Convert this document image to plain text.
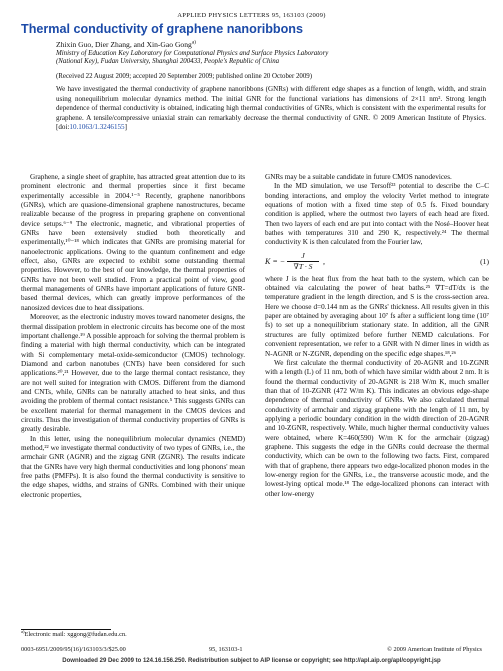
APPLIED PHYSICS LETTERS 95, 163103 (2009)
Thermal conductivity of graphene nanoribbons
Zhixin Guo, Dier Zhang, and Xin-Gao Gong$^{a)}$
Ministry of Education Key Laboratory for Computational Physics and Surface Physics Laboratory
(National Key), Fudan University, Shanghai 200433, People's Republic of China
(Received 22 August 2009; accepted 20 September 2009; published online 20 October 2009)
We have investigated the thermal conductivity of graphene nanoribbons (GNRs) with different edge shapes as a function of length, width, and strain using nonequilibrium molecular dynamics method. The initial GNR for the functional variations has dimensions of 2×11 nm². Strong length dependence of thermal conductivity is obtained, indicating high thermal conductivities of GNRs, which is consistent with the experimental results for graphene. A tensile/compressive uniaxial strain can remarkably decrease the thermal conductivity of GNR. © 2009 American Institute of Physics. [doi:10.1063/1.3246155]

Graphene, a single sheet of graphite, has attracted great attention due to its prominent electronic and thermal properties since it first became experimentally accessible in 2004.¹⁻⁵ Recently, graphene nanoribbons (GNRs), which are quasione-dimensional graphene nanostructures, became realizable because of the progress in preparing graphene on conventional device setups.⁶⁻⁹ The electronic, magnetic, and vibrational properties of GNRs have been extensively studied both theoretically and experimentally,¹⁰⁻¹⁸ which indicates that GNRs are promising material for nanoelectronic applications. Owing to the quantum confinement and edge effect, also, GNRs are expected to exhibit some outstanding thermal properties. However, to the best of our knowledge, the thermal properties of GNRs have not been well studied. From a practical point of view, good thermal managements of GNRs have important applications of future GNR-based thermal devices, which can greatly improve performances of the nanosized devices due to heat dissipations.

Moreover, as the electronic industry moves toward nanometer designs, the thermal dissipation problem in electronic circuits has become one of the most important challenge.¹⁹ A possible approach for solving the thermal problem is finding a material with high thermal conductivity, which can be integrated with Si complementary metal-oxide-semiconductor (CMOS) technology. Diamond and carbon nanotubes (CNTs) have been considered for such applications.²⁰,²¹ However, due to the large thermal contact resistance, they are not well suited for integration with CMOS. Different from the diamond and CNTs, while, GNRs can be naturally attached to heat sinks, and thus avoiding the problem of thermal contact resistance.⁵ This suggests GNRs can be excellent material for thermal management in the CMOS devices and circuits. Thus the investigation of thermal conductivity properties of GNRs is greatly desirable.

In this letter, using the nonequilibrium molecular dynamics (NEMD) method,²² we investigate thermal conductivity of two types of GNRs, i.e., the armchair GNR (AGNR) and the zigzag GNR (ZGNR). The results indicate that the GNRs have very high thermal conductivities and long phonons' mean free paths (PMFPs). It is also found the thermal conductivity is sensitive to the edge shapes, widths, and strains of GNRs. Combined with their unique electronic properties,

GNRs may be a suitable candidate in future CMOS nanodevices.

In the MD simulation, we use Tersoff²³ potential to describe the C–C bonding interactions, and employ the velocity Verlet method to integrate equations of motion with a fixed time step of 0.5 fs. Fixed boundary condition is applied, where the outmost two layers of each head are fixed. Then two layers of each end are put into contact with the Nosé–Hoover heat bathes with temperatures 310 and 290 K, respectively.²⁴ The thermal conductivity K is then calculated from the Fourier law,

K = − $\frac{J}{\nabla T \cdot S}$ ,	(1)

where J is the heat flux from the heat bath to the system, which can be obtained via calculating the power of heat baths.²⁵ ∇T=dT/dx is the temperature gradient in the length direction, and S is the cross-section area. Here we choose d=0.144 nm as the GNRs' thickness. All results given in this paper are obtained by averaging about 10⁷ fs after a sufficient long time (10⁷ fs) to set up a nonequilibrium stationary state. In addition, all the GNR structures are fully optimized before further NEMD calculations. For convenient representation, we refer to a GNR with N dimer lines in width as N-AGNR or N-ZGNR, depending on the specific edge shapes.¹⁸,²⁶

We first calculate the thermal conductivity of 20-AGNR and 10-ZGNR with a length (L) of 11 nm, both of which have similar width about 2 nm. It is found the thermal conductivity of 20-AGNR is 218 W/m K, much smaller than that of 10-ZGNR (472 W/m K). This indicates an obvious edge-shape dependence of thermal conductivity of GNRs. We also calculated thermal conductivity of armchair and zigzag graphene with the length of 11 nm, by applying a periodic boundary condition in the width direction of 20-AGNR and 10-ZGNR, respectively. While, much higher thermal conductivity values were obtained, where K=460(590) W/m K for the armchair (zigzag) graphene. This suggests the edge in the GNRs could decrease the thermal conductivity, which can be own to the following two facts. First, compared with that of graphene, there appears two edge-localized phonon modes in the low-energy region for the GNRs, i.e., the transverse acoustic mode, and the lowest-lying optical mode.¹⁸ The edge-localized phonons can interact with other low-energy

$^{a)}$Electronic mail: xggong@fudan.edu.cn.
0003-6951/2009/95(16)/163103/3/$25.00	95, 163103-1	© 2009 American Institute of Physics
Downloaded 29 Dec 2009 to 124.16.156.250. Redistribution subject to AIP license or copyright; see http://apl.aip.org/apl/copyright.jsp
